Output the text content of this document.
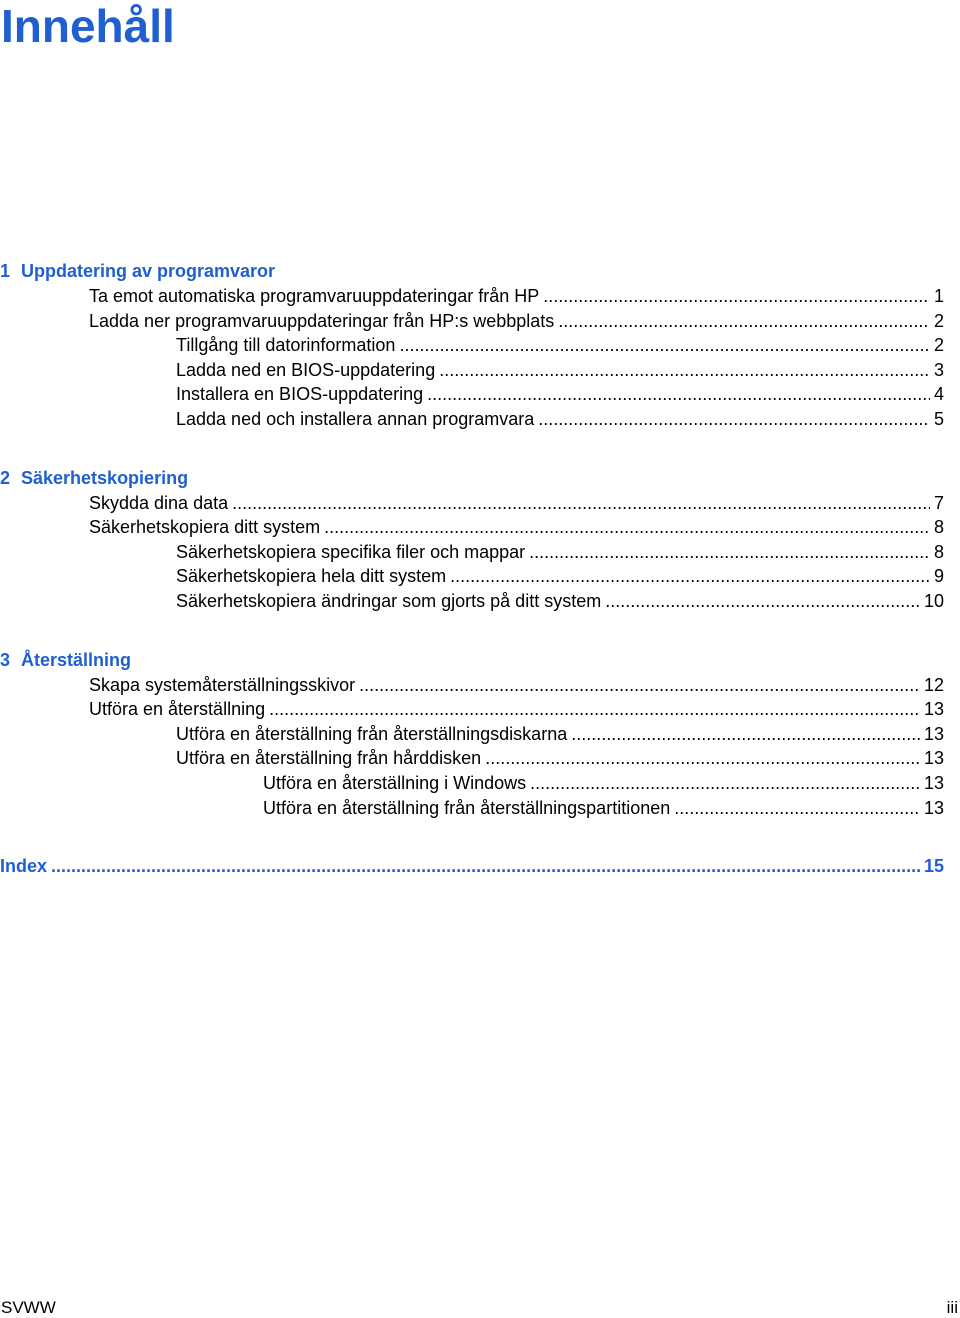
Innehåll
1 Uppdatering av programvaror
Ta emot automatiska programvaruuppdateringar från HP .....	1
Ladda ner programvaruuppdateringar från HP:s webbplats .....	2
Tillgång till datorinformation .....	2
Ladda ned en BIOS-uppdatering .....	3
Installera en BIOS-uppdatering .....	4
Ladda ned och installera annan programvara .....	5
2 Säkerhetskopiering
Skydda dina data .....	7
Säkerhetskopiera ditt system .....	8
Säkerhetskopiera specifika filer och mappar .....	8
Säkerhetskopiera hela ditt system .....	9
Säkerhetskopiera ändringar som gjorts på ditt system .....	10
3 Återställning
Skapa systemåterställningsskivor .....	12
Utföra en återställning .....	13
Utföra en återställning från återställningsdiskarna .....	13
Utföra en återställning från hårddisken .....	13
Utföra en återställning i Windows .....	13
Utföra en återställning från återställningspartitionen .....	13
Index .....	15
SVWW	iii
